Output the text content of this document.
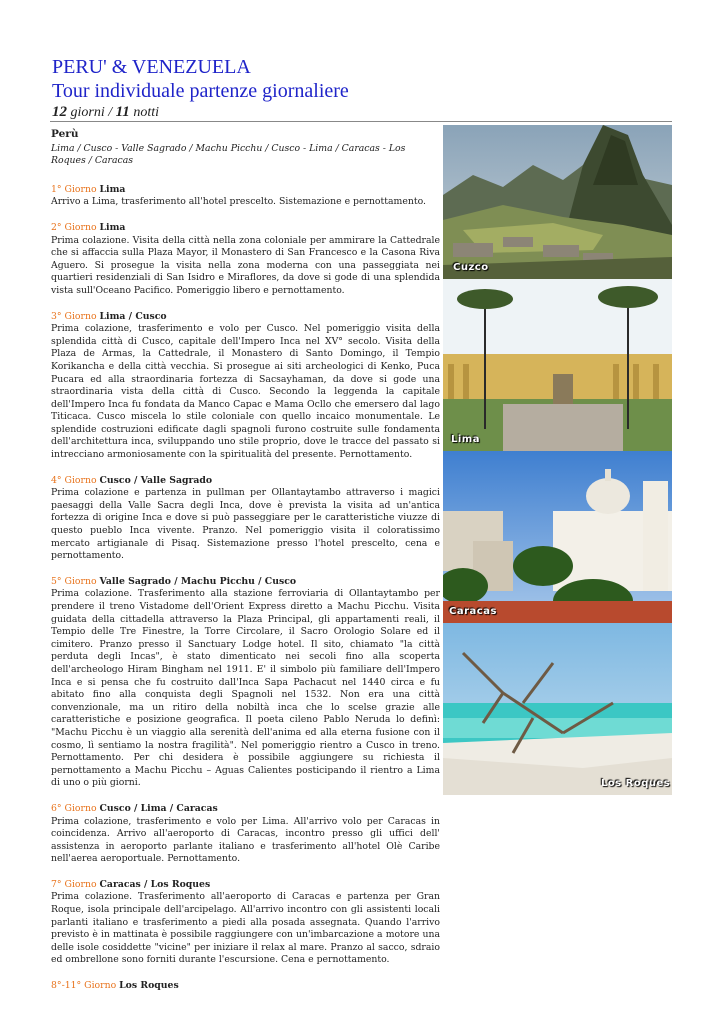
PERU' & VENEZUELA
Tour individuale partenze giornaliere
12 giorni / 11 notti
Perù
Lima / Cusco - Valle Sagrado / Machu Picchu / Cusco - Lima / Caracas - Los Roques / Caracas

1° Giorno Lima

Arrivo a Lima, trasferimento all'hotel prescelto. Sistemazione e pernottamento.

2° Giorno Lima

Prima colazione. Visita della città nella zona coloniale per ammirare la Cattedrale che si affaccia sulla Plaza Mayor, il Monastero di San Francesco e la Casona Riva Aguero. Si prosegue la visita nella zona moderna con una passeggiata nei quartieri residenziali di San Isidro e Miraflores, da dove si gode di una splendida vista sull'Oceano Pacifico. Pomeriggio libero e pernottamento.

3° Giorno Lima / Cusco

Prima colazione, trasferimento e volo per Cusco. Nel pomeriggio visita della splendida città di Cusco, capitale dell'Impero Inca nel XV° secolo. Visita della Plaza de Armas, la Cattedrale, il Monastero di Santo Domingo, il Tempio Korikancha e della città vecchia. Si prosegue ai siti archeologici di Kenko, Puca Pucara ed alla straordinaria fortezza di Sacsayhaman, da dove si gode una straordinaria vista della città di Cusco. Secondo la leggenda la capitale dell'Impero Inca fu fondata da Manco Capac e Mama Ocllo che emersero dal lago Titicaca. Cusco miscela lo stile coloniale con quello incaico monumentale. Le splendide costruzioni edificate dagli spagnoli furono costruite sulle fondamenta dell'architettura inca, sviluppando uno stile proprio, dove le tracce del passato si intrecciano armoniosamente con la spiritualità del presente. Pernottamento.

4° Giorno Cusco / Valle Sagrado

Prima colazione e partenza in pullman per Ollantaytambo attraverso i magici paesaggi della Valle Sacra degli Inca, dove è prevista la visita ad un'antica fortezza di origine Inca e dove si può passeggiare per le caratteristiche viuzze di questo pueblo Inca vivente. Pranzo. Nel pomeriggio visita il coloratissimo mercato artigianale di Pisaq. Sistemazione presso l'hotel prescelto, cena e pernottamento.

5° Giorno Valle Sagrado / Machu Picchu / Cusco

Prima colazione. Trasferimento alla stazione ferroviaria di Ollantaytambo per prendere il treno Vistadome dell'Orient Express diretto a Machu Picchu. Visita guidata della cittadella attraverso la Plaza Principal, gli appartamenti reali, il Tempio delle Tre Finestre, la Torre Circolare, il Sacro Orologio Solare ed il cimitero. Pranzo presso il Sanctuary Lodge hotel. Il sito, chiamato "la città perduta degli Incas", è stato dimenticato nei secoli fino alla scoperta dell'archeologo Hiram Bingham nel 1911. E' il simbolo più familiare dell'Impero Inca e si pensa che fu costruito dall'Inca Sapa Pachacut nel 1440 circa e fu abitato fino alla conquista degli Spagnoli nel 1532. Non era una città convenzionale, ma un ritiro della nobiltà inca che lo scelse grazie alle caratteristiche e posizione geografica. Il poeta cileno Pablo Neruda lo definì: "Machu Picchu è un viaggio alla serenità dell'anima ed alla eterna fusione con il cosmo, lì sentiamo la nostra fragilità". Nel pomeriggio rientro a Cusco in treno. Pernottamento. Per chi desidera è possibile aggiungere su richiesta il pernottamento a Machu Picchu – Aguas Calientes posticipando il rientro a Lima di uno o più giorni.

6° Giorno Cusco / Lima / Caracas

Prima colazione, trasferimento e volo per Lima. All'arrivo volo per Caracas in coincidenza. Arrivo all'aeroporto di Caracas, incontro presso gli uffici dell' assistenza in aeroporto parlante italiano e trasferimento all'hotel Olè Caribe nell'aerea aeroportuale. Pernottamento.

7° Giorno Caracas / Los Roques

Prima colazione. Trasferimento all'aeroporto di Caracas e partenza per Gran Roque, isola principale dell'arcipelago. All'arrivo incontro con gli assistenti locali parlanti italiano e trasferimento a piedi alla posada assegnata. Quando l'arrivo previsto è in mattinata è possibile raggiungere con un'imbarcazione a motore una delle isole cosiddette "vicine" per iniziare il relax al mare. Pranzo al sacco, sdraio ed ombrellone sono forniti durante l'escursione. Cena e pernottamento.

8°-11° Giorno Los Roques

Cuzco
Lima
Caracas
Los Roques
